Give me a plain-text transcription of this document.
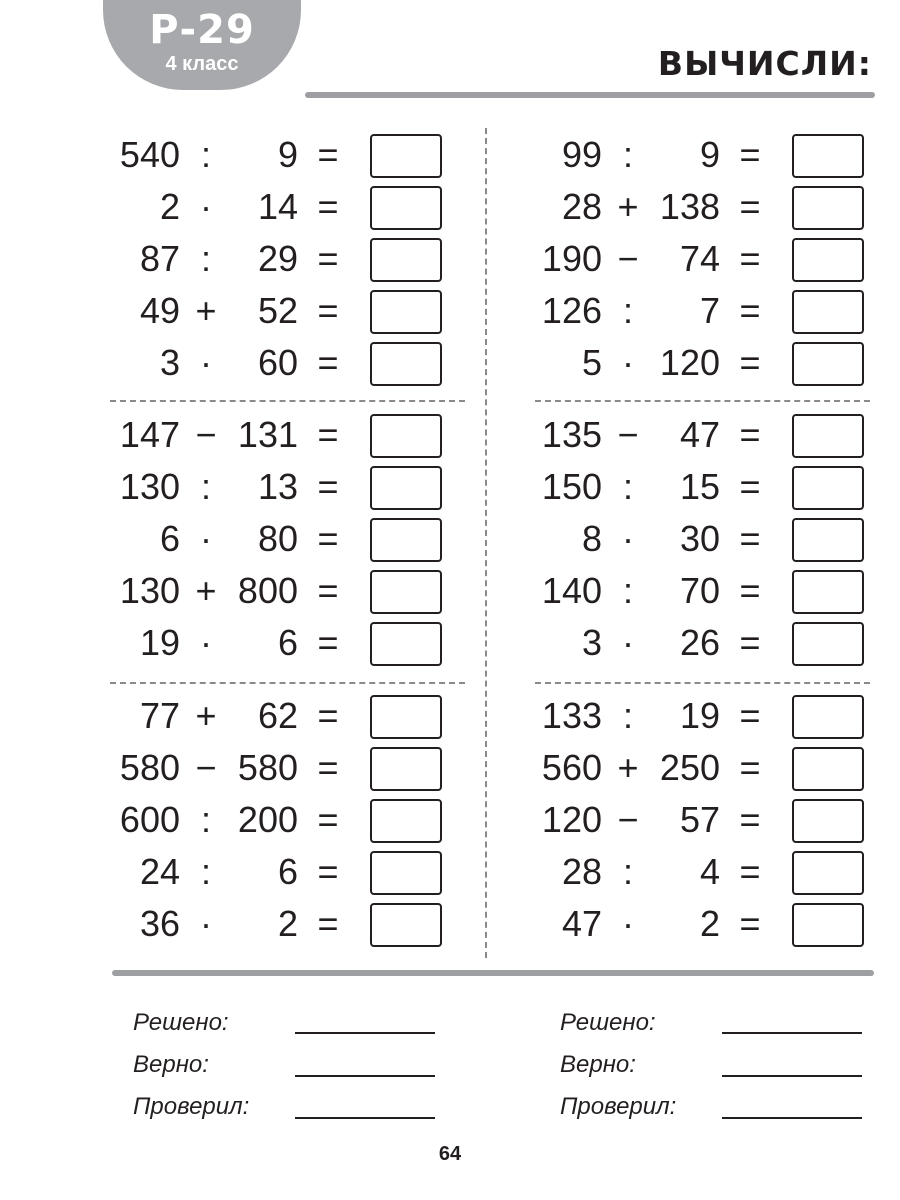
Р-29
4 класс	ВЫЧИСЛИ:
540 :	9 =
2 ·	14 =
87 :	29 =
49 +	52 =
3 ·	60 =
147 − 131 =
130 :	13 =
6 ·	80 =
130 + 800 =
19 ·	6 =
77 +	62 =
580 − 580 =
600 : 200 =
24 :	6 =
36 ·	2 =
99 :	9 =
28 + 138 =
190 −	74 =
126 :	7 =
5 · 120 =
135 −	47 =
150 :	15 =
8 ·	30 =
140 :	70 =
3 ·	26 =
133 :	19 =
560 + 250 =
120 −	57 =
28 :	4 =
47 ·	2 =
Решено:
Верно:
Проверил:
Решено:
Верно:
Проверил:
64
